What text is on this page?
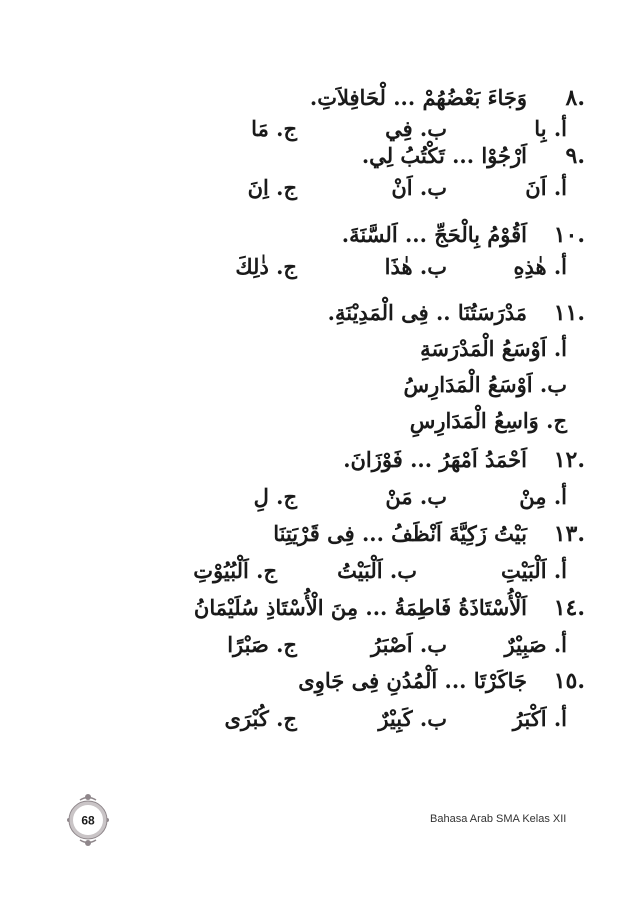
.٨
وَجَاءَ بَعْضُهُمْ ... لْحَافِلاَتِ.
أ. بِا
ب. فِي
ج. مَا
.٩
اَرْجُوْا ... تَكْتُبُ لِي.
أ. اَنَ
ب. اَنْ
ج. اِنَ
.١٠
اَقُوْمُ بِالْحَجِّ ... اَلسَّنَةَ.
أ. هٰذِهِ
ب. هٰذَا
ج. ذٰلِكَ
.١١
مَدْرَسَتُنَا .. فِى الْمَدِيْنَةِ.
أ. اَوْسَعُ الْمَدْرَسَةِ
ب. اَوْسَعُ الْمَدَارِسُ
ج. وَاسِعُ الْمَدَارِسِ
.١٢
اَحْمَدُ اَمْهَرُ ... فَوْزَانَ.
أ. مِنْ
ب. مَنْ
ج. لِ
.١٣
بَيْتُ زَكِيَّةَ اَنْظَفُ ... فِى قَرْيَتِنَا
أ. اَلْبَيْتِ
ب. اَلْبَيْتُ
ج. اَلْبُيُوْتِ
.١٤
اَلْأُسْتَاذَةُ فَاطِمَةُ ... مِنَ الْأُسْتَاذِ سُلَيْمَانُ
أ. صَبِيْرٌ
ب. اَصْبَرُ
ج. صَبْرًا
.١٥
جَاكَرْتَا ... اَلْمُدُنِ فِى جَاوِى
أ. اَكْبَرُ
ب. كَبِيْرٌ
ج. كُبْرَى
68	Bahasa Arab SMA Kelas XII
